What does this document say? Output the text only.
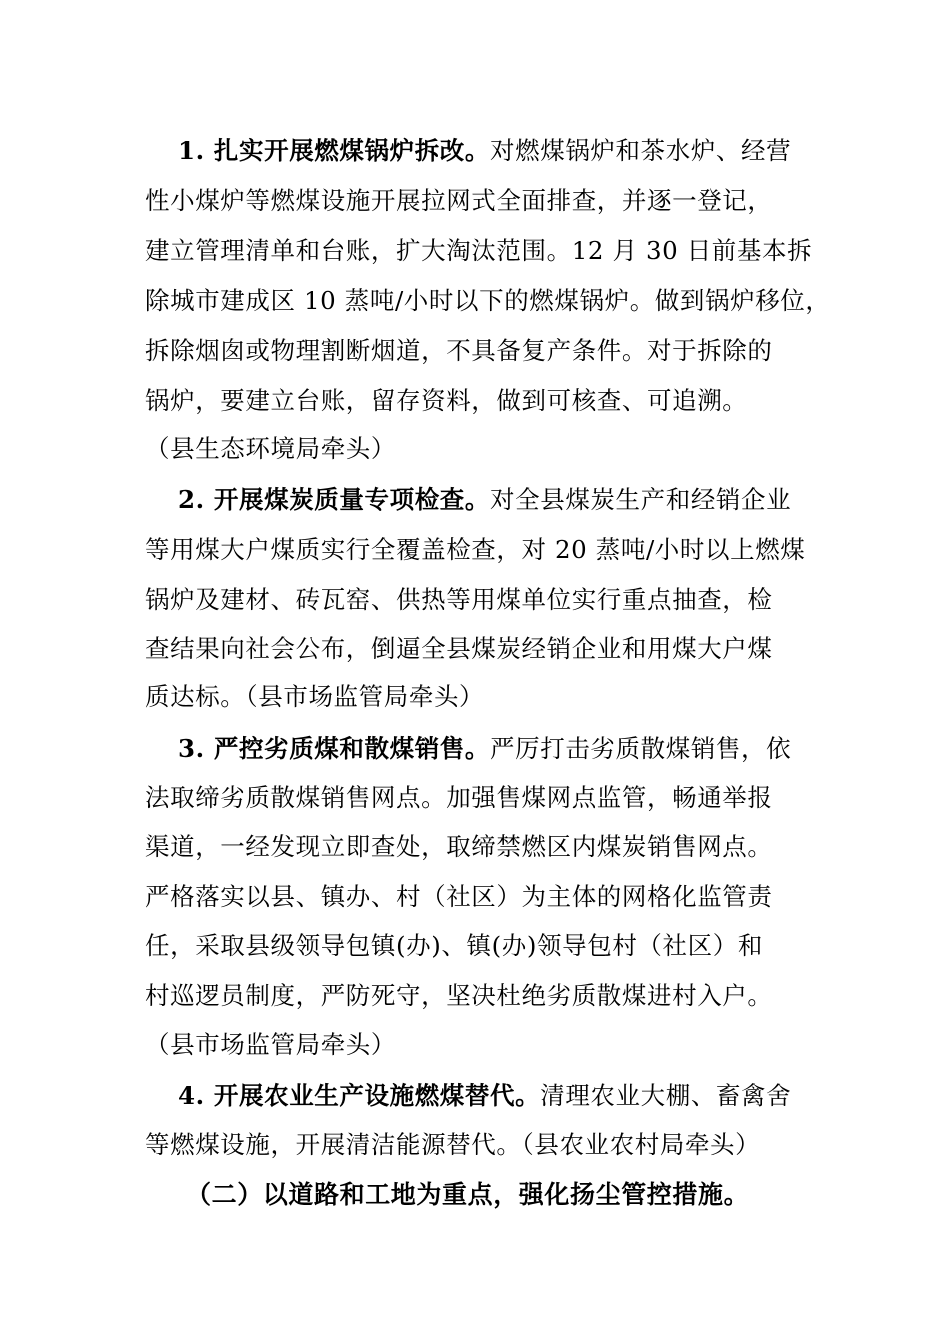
1. 扎实开展燃煤锅炉拆改。对燃煤锅炉和茶水炉、经营
性小煤炉等燃煤设施开展拉网式全面排查，并逐一登记，
建立管理清单和台账，扩大淘汰范围。12 月 30 日前基本拆
除城市建成区 10 蒸吨/小时以下的燃煤锅炉。做到锅炉移位，
拆除烟囱或物理割断烟道，不具备复产条件。对于拆除的
锅炉，要建立台账，留存资料，做到可核查、可追溯。
（县生态环境局牵头）
2. 开展煤炭质量专项检查。对全县煤炭生产和经销企业
等用煤大户煤质实行全覆盖检查，对 20 蒸吨/小时以上燃煤
锅炉及建材、砖瓦窑、供热等用煤单位实行重点抽查，检
查结果向社会公布，倒逼全县煤炭经销企业和用煤大户煤
质达标。（县市场监管局牵头）
3. 严控劣质煤和散煤销售。严厉打击劣质散煤销售，依
法取缔劣质散煤销售网点。加强售煤网点监管，畅通举报
渠道，一经发现立即查处，取缔禁燃区内煤炭销售网点。
严格落实以县、镇办、村（社区）为主体的网格化监管责
任，采取县级领导包镇(办)、镇(办)领导包村（社区）和
村巡逻员制度，严防死守，坚决杜绝劣质散煤进村入户。
（县市场监管局牵头）
4. 开展农业生产设施燃煤替代。清理农业大棚、畜禽舍
等燃煤设施，开展清洁能源替代。（县农业农村局牵头）
（二）以道路和工地为重点，强化扬尘管控措施。
